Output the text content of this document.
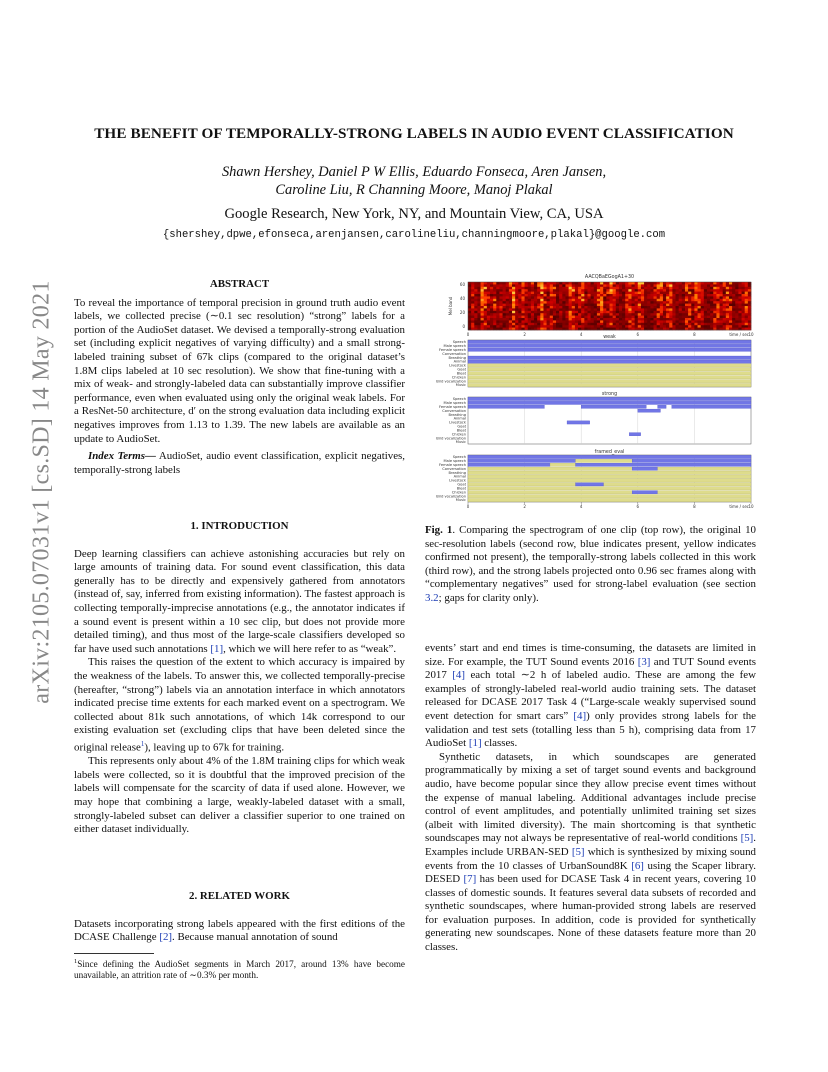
arXiv:2105.07031v1 [cs.SD] 14 May 2021
THE BENEFIT OF TEMPORALLY-STRONG LABELS IN AUDIO EVENT CLASSIFICATION
Shawn Hershey, Daniel P W Ellis, Eduardo Fonseca, Aren Jansen,
Caroline Liu, R Channing Moore, Manoj Plakal
Google Research, New York, NY, and Mountain View, CA, USA
{shershey,dpwe,efonseca,arenjansen,carolineliu,channingmoore,plakal}@google.com

ABSTRACT

To reveal the importance of temporal precision in ground truth audio event labels, we collected precise (∼0.1 sec resolution) “strong” labels for a portion of the AudioSet dataset. We devised a temporally-strong evaluation set (including explicit negatives of varying difficulty) and a small strong-labeled training subset of 67k clips (compared to the original dataset’s 1.8M clips labeled at 10 sec resolution). We show that fine-tuning with a mix of weak- and strongly-labeled data can substantially improve classifier performance, even when evaluated using only the original weak labels. For a ResNet-50 architecture, d′ on the strong evaluation data including explicit negatives improves from 1.13 to 1.39. The new labels are available as an update to AudioSet.

Index Terms— AudioSet, audio event classification, explicit negatives, temporally-strong labels

1. INTRODUCTION

Deep learning classifiers can achieve astonishing accuracies but rely on large amounts of training data. For sound event classification, this data generally has to be directly and expensively gathered from annotators (instead of, say, inferred from existing information). The fastest approach is collecting temporally-imprecise annotations (e.g., the annotator indicates if a sound event is present within a 10 sec clip, but does not provide more detailed timing), and thus most of the large-scale classifiers developed so far have used such annotations [1], which we will here refer to as “weak”.

This raises the question of the extent to which accuracy is impaired by the weakness of the labels. To answer this, we collected temporally-precise (hereafter, “strong”) labels via an annotation interface in which annotators indicated precise time extents for each marked event on a spectrogram. We collected about 81k such annotations, of which 14k correspond to our existing evaluation set (excluding clips that have been deleted since the original release$^1$), leaving up to 67k for training.

This represents only about 4% of the 1.8M training clips for which weak labels were collected, so it is doubtful that the improved precision of the labels will compensate for the scarcity of data if used alone. However, we may hope that combining a large, weakly-labeled dataset with a small, strongly-labeled subset can deliver a classifier superior to one trained on either dataset individually.

2. RELATED WORK

Datasets incorporating strong labels appeared with the first editions of the DCASE Challenge [2]. Because manual annotation of sound

$^1$Since defining the AudioSet segments in March 2017, around 13% have become unavailable, an attrition rate of ∼0.3% per month.
AACQBaEGogA1+30
60
40
20
0
Mel band
0	2	4	6	8	10
time / sec
weak
Speech
Male speech
Female speech
Conversation
Breathing
Animal
Livestock
Goat
Bleat
Chicken
Bird vocalization
Music
strong
Speech
Male speech
Female speech
Conversation
Breathing
Animal
Livestock
Goat
Bleat
Chicken
Bird vocalization
Music
framed_eval
Speech
Male speech
Female speech
Conversation
Breathing
Animal
Livestock
Goat
Bleat
Chicken
Bird vocalization
Music
0	2	4	6	8	10
time / sec
Fig. 1. Comparing the spectrogram of one clip (top row), the original 10 sec-resolution labels (second row, blue indicates present, yellow indicates confirmed not present), the temporally-strong labels collected in this work (third row), and the strong labels projected onto 0.96 sec frames along with “complementary negatives” used for strong-label evaluation (see section 3.2; gaps for clarity only).

events’ start and end times is time-consuming, the datasets are limited in size. For example, the TUT Sound events 2016 [3] and TUT Sound events 2017 [4] each total ∼2 h of labeled audio. These are among the few examples of strongly-labeled real-world audio training sets. The dataset released for DCASE 2017 Task 4 (“Large-scale weakly supervised sound event detection for smart cars” [4]) only provides strong labels for the validation and test sets (totalling less than 5 h), comprising data from 17 AudioSet [1] classes.

Synthetic datasets, in which soundscapes are generated programmatically by mixing a set of target sound events and background audio, have become popular since they allow precise event times without the expense of manual labeling. Additional advantages include precise control of event amplitudes, and potentially unlimited training set sizes (albeit with limited diversity). The main shortcoming is that synthetic soundscapes may not always be representative of real-world conditions [5]. Examples include URBAN-SED [5] which is synthesized by mixing sound events from the 10 classes of UrbanSound8K [6] using the Scaper library. DESED [7] has been used for DCASE Task 4 in recent years, covering 10 classes of domestic sounds. It features several data subsets of recorded and synthetic soundscapes, where human-provided strong labels are reserved for evaluation purposes. In addition, code is provided for synthetically generating new soundscapes. None of these datasets feature more than 20 classes.
